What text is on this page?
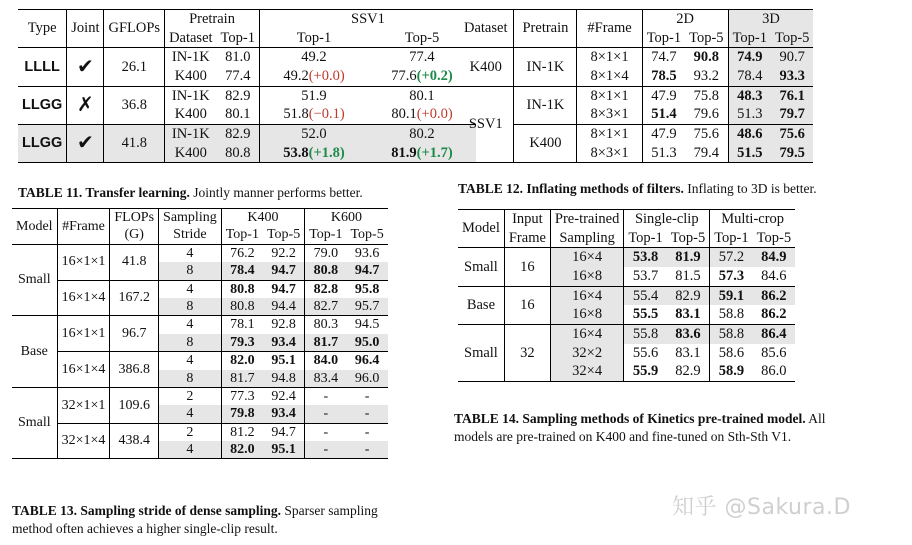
Type	Joint	GFLOPs	Pretrain		SSV1	
			Dataset	Top-1	Top-1	Top-5
LLLL	✔	26.1	IN-1K	81.0	49.2	77.4
			K400	77.4	49.2(+0.0)	77.6(+0.2)
LLGG	✗	36.8	IN-1K	82.9	51.9	80.1
			K400	80.1	51.8(−0.1)	80.1(+0.0)
LLGG	✔	41.8	IN-1K	82.9	52.0	80.2
			K400	80.8	53.8(+1.8)	81.9(+1.7)
TABLE 11. Transfer learning. Jointly manner performs better.
Dataset	Pretrain	#Frame	2D		3D	
			Top-1	Top-5	Top-1	Top-5
K400	IN-1K	8×1×1	74.7	90.8	74.9	90.7
		8×1×4	78.5	93.2	78.4	93.3
SSV1	IN-1K	8×1×1	47.9	75.8	48.3	76.1
		8×3×1	51.4	79.6	51.3	79.7
	K400	8×1×1	47.9	75.6	48.6	75.6
		8×3×1	51.3	79.4	51.5	79.5
TABLE 12. Inflating methods of filters. Inflating to 3D is better.
Model	#Frame	FLOPs	Sampling	K400		K600	
		(G)	Stride	Top-1	Top-5	Top-1	Top-5
Small	16×1×1	41.8	4	76.2	92.2	79.0	93.6
			8	78.4	94.7	80.8	94.7
	16×1×4	167.2	4	80.8	94.7	82.8	95.8
			8	80.8	94.4	82.7	95.7
Base	16×1×1	96.7	4	78.1	92.8	80.3	94.5
			8	79.3	93.4	81.7	95.0
	16×1×4	386.8	4	82.0	95.1	84.0	96.4
			8	81.7	94.8	83.4	96.0
Small	32×1×1	109.6	2	77.3	92.4	-	-
			4	79.8	93.4	-	-
	32×1×4	438.4	2	81.2	94.7	-	-
			4	82.0	95.1	-	-
TABLE 13. Sampling stride of dense sampling. Sparser sampling
method often achieves a higher single-clip result.
Model	Input	Pre-trained	Single-clip		Multi-crop	
	Frame	Sampling	Top-1	Top-5	Top-1	Top-5
Small	16	16×4	53.8	81.9	57.2	84.9
		16×8	53.7	81.5	57.3	84.6
Base	16	16×4	55.4	82.9	59.1	86.2
		16×8	55.5	83.1	58.8	86.2
Small	32	16×4	55.8	83.6	58.8	86.4
		32×2	55.6	83.1	58.6	85.6
		32×4	55.9	82.9	58.9	86.0
TABLE 14. Sampling methods of Kinetics pre-trained model. All
models are pre-trained on K400 and fine-tuned on Sth-Sth V1.
知乎 @Sakura.D
